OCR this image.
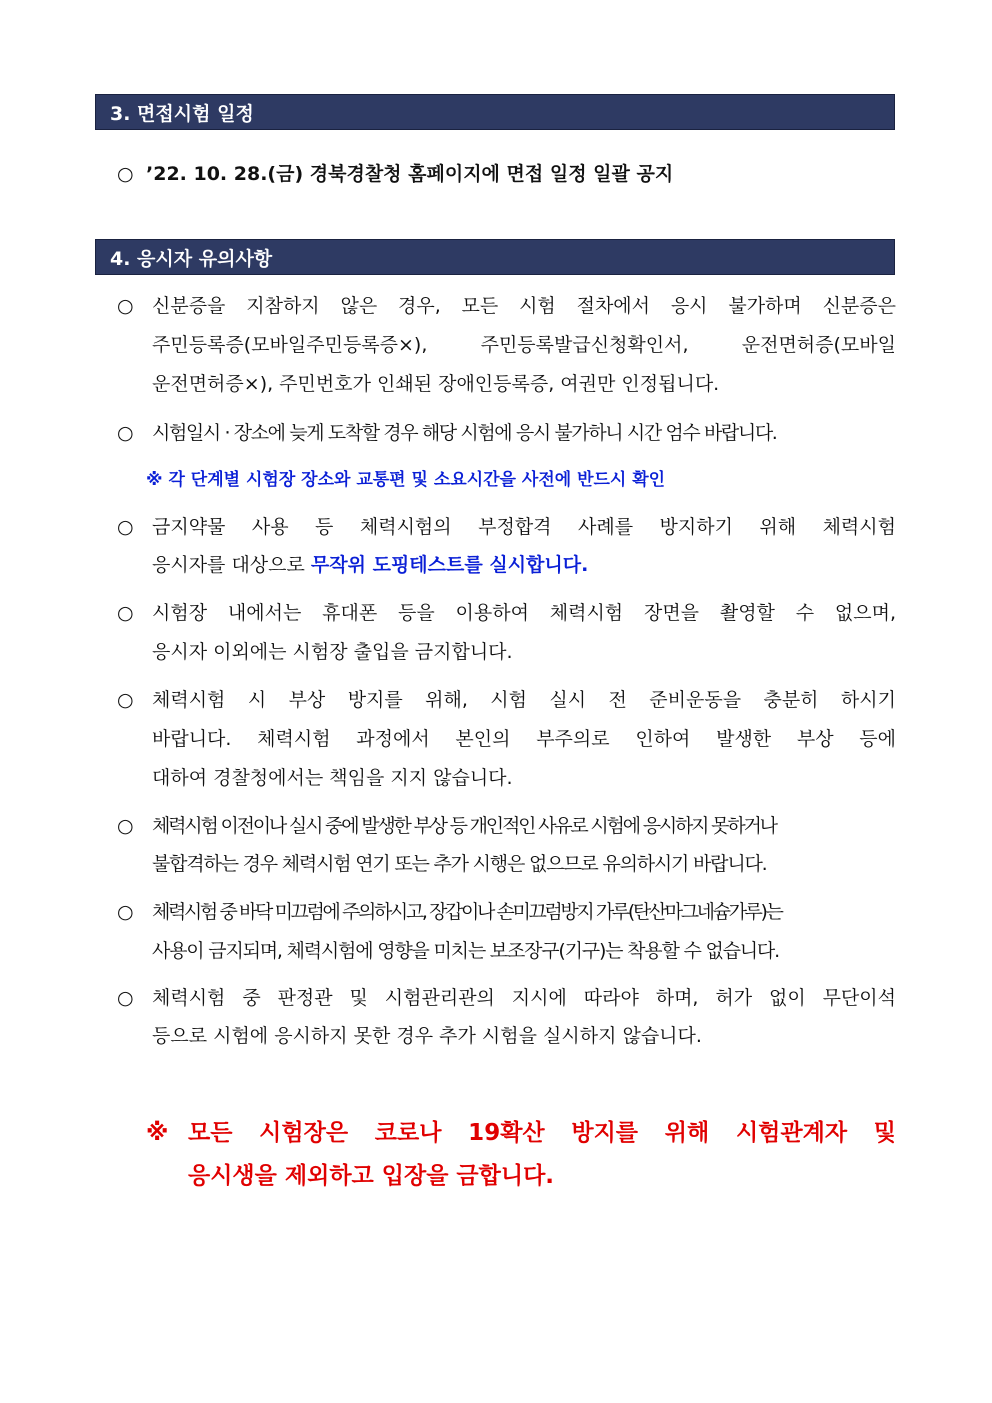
3. 면접시험 일정
○ ’22. 10. 28.(금) 경북경찰청 홈페이지에 면접 일정 일괄 공지
4. 응시자 유의사항
○ 신분증을 지참하지 않은 경우, 모든 시험 절차에서 응시 불가하며 신분증은
주민등록증(모바일주민등록증×), 주민등록발급신청확인서, 운전면허증(모바일
운전면허증×), 주민번호가 인쇄된 장애인등록증, 여권만 인정됩니다.
○ 시험일시 · 장소에 늦게 도착할 경우 해당 시험에 응시 불가하니 시간 엄수 바랍니다.
※ 각 단계별 시험장 장소와 교통편 및 소요시간을 사전에 반드시 확인
○ 금지약물 사용 등 체력시험의 부정합격 사례를 방지하기 위해 체력시험
응시자를 대상으로 무작위 도핑테스트를 실시합니다.
○ 시험장 내에서는 휴대폰 등을 이용하여 체력시험 장면을 촬영할 수 없으며,
응시자 이외에는 시험장 출입을 금지합니다.
○ 체력시험 시 부상 방지를 위해, 시험 실시 전 준비운동을 충분히 하시기
바랍니다. 체력시험 과정에서 본인의 부주의로 인하여 발생한 부상 등에
대하여 경찰청에서는 책임을 지지 않습니다.
○ 체력시험 이전이나 실시 중에 발생한 부상 등 개인적인 사유로 시험에 응시하지 못하거나
불합격하는 경우 체력시험 연기 또는 추가 시행은 없으므로 유의하시기 바랍니다.
○ 체력시험 중 바닥 미끄럼에 주의하시고, 장갑이나 손미끄럼방지 가루(탄산마그네슘가루)는
사용이 금지되며, 체력시험에 영향을 미치는 보조장구(기구)는 착용할 수 없습니다.
○ 체력시험 중 판정관 및 시험관리관의 지시에 따라야 하며, 허가 없이 무단이석
등으로 시험에 응시하지 못한 경우 추가 시험을 실시하지 않습니다.
※ 모든 시험장은 코로나 19확산 방지를 위해 시험관계자 및
응시생을 제외하고 입장을 금합니다.
